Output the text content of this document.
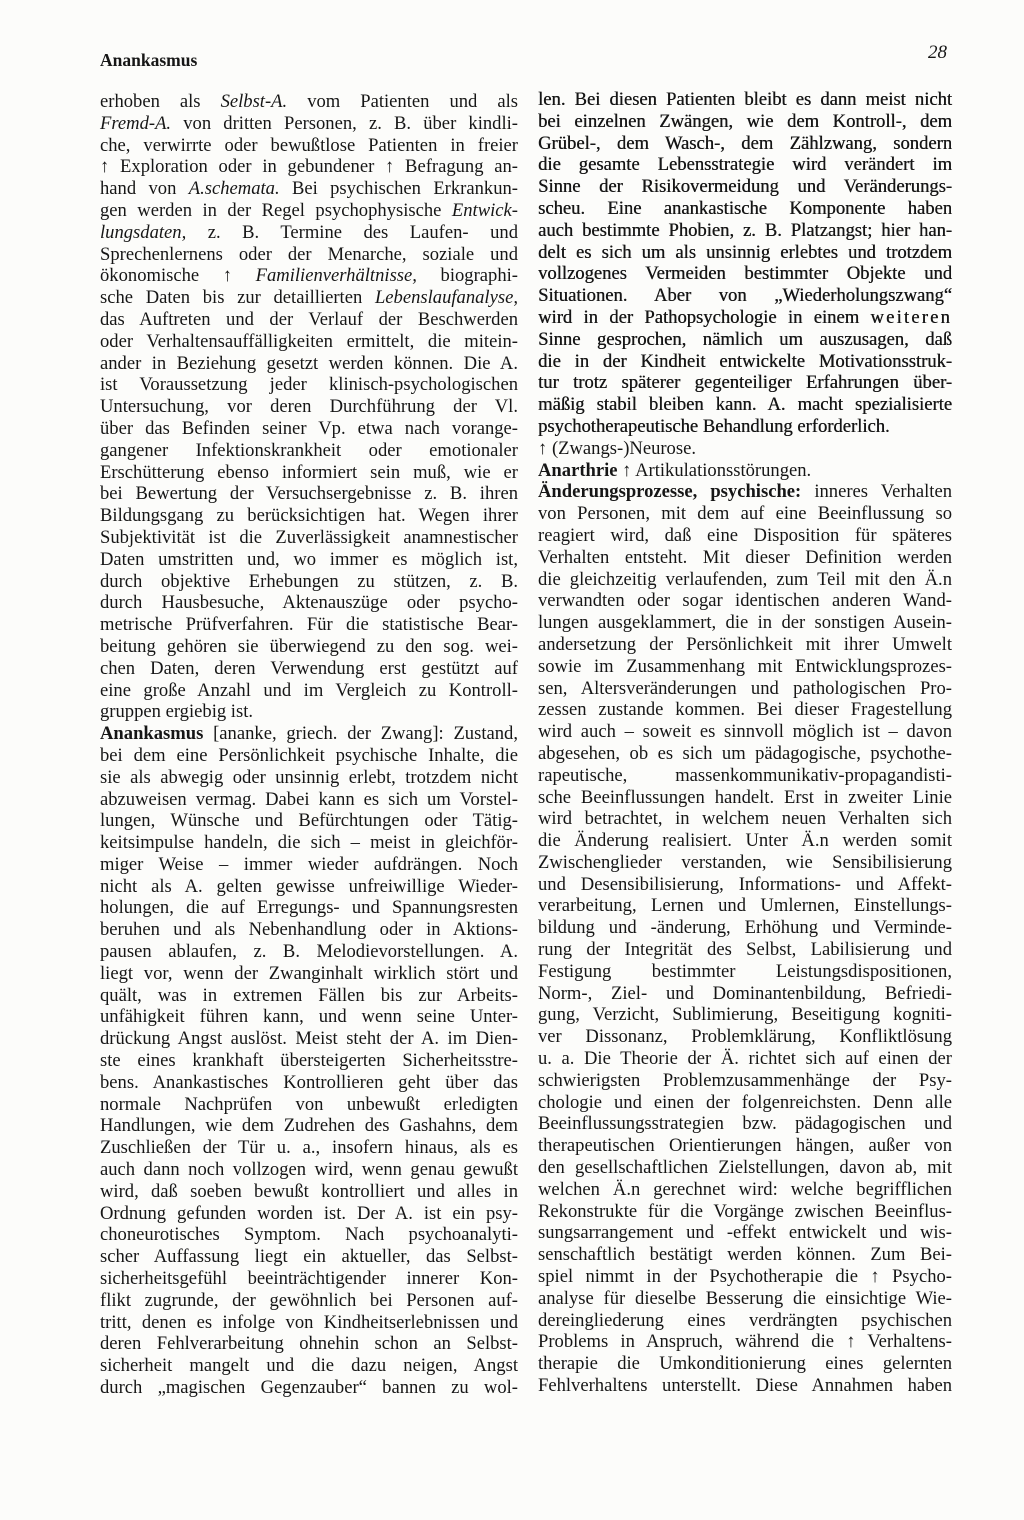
Anankasmus	28
erhoben als Selbst-A. vom Patienten und als
Fremd-A. von dritten Personen, z. B. über kindli-
che, verwirrte oder bewußtlose Patienten in freier
↑ Exploration oder in gebundener ↑ Befragung an-
hand von A.schemata. Bei psychischen Erkrankun-
gen werden in der Regel psychophysische Entwick-
lungsdaten, z. B. Termine des Laufen- und
Sprechenlernens oder der Menarche, soziale und
ökonomische ↑ Familienverhältnisse, biographi-
sche Daten bis zur detaillierten Lebenslaufanalyse,
das Auftreten und der Verlauf der Beschwerden
oder Verhaltensauffälligkeiten ermittelt, die mitein-
ander in Beziehung gesetzt werden können. Die A.
ist Voraussetzung jeder klinisch-psychologischen
Untersuchung, vor deren Durchführung der Vl.
über das Befinden seiner Vp. etwa nach vorange-
gangener Infektionskrankheit oder emotionaler
Erschütterung ebenso informiert sein muß, wie er
bei Bewertung der Versuchsergebnisse z. B. ihren
Bildungsgang zu berücksichtigen hat. Wegen ihrer
Subjektivität ist die Zuverlässigkeit anamnestischer
Daten umstritten und, wo immer es möglich ist,
durch objektive Erhebungen zu stützen, z. B.
durch Hausbesuche, Aktenauszüge oder psycho-
metrische Prüfverfahren. Für die statistische Bear-
beitung gehören sie überwiegend zu den sog. wei-
chen Daten, deren Verwendung erst gestützt auf
eine große Anzahl und im Vergleich zu Kontroll-
gruppen ergiebig ist.
Anankasmus [ananke, griech. der Zwang]: Zustand,
bei dem eine Persönlichkeit psychische Inhalte, die
sie als abwegig oder unsinnig erlebt, trotzdem nicht
abzuweisen vermag. Dabei kann es sich um Vorstel-
lungen, Wünsche und Befürchtungen oder Tätig-
keitsimpulse handeln, die sich – meist in gleichför-
miger Weise – immer wieder aufdrängen. Noch
nicht als A. gelten gewisse unfreiwillige Wieder-
holungen, die auf Erregungs- und Spannungsresten
beruhen und als Nebenhandlung oder in Aktions-
pausen ablaufen, z. B. Melodievorstellungen. A.
liegt vor, wenn der Zwanginhalt wirklich stört und
quält, was in extremen Fällen bis zur Arbeits-
unfähigkeit führen kann, und wenn seine Unter-
drückung Angst auslöst. Meist steht der A. im Dien-
ste eines krankhaft übersteigerten Sicherheitsstre-
bens. Anankastisches Kontrollieren geht über das
normale Nachprüfen von unbewußt erledigten
Handlungen, wie dem Zudrehen des Gashahns, dem
Zuschließen der Tür u. a., insofern hinaus, als es
auch dann noch vollzogen wird, wenn genau gewußt
wird, daß soeben bewußt kontrolliert und alles in
Ordnung gefunden worden ist. Der A. ist ein psy-
choneurotisches Symptom. Nach psychoanalyti-
scher Auffassung liegt ein aktueller, das Selbst-
sicherheitsgefühl beeinträchtigender innerer Kon-
flikt zugrunde, der gewöhnlich bei Personen auf-
tritt, denen es infolge von Kindheitserlebnissen und
deren Fehlverarbeitung ohnehin schon an Selbst-
sicherheit mangelt und die dazu neigen, Angst
durch „magischen Gegenzauber“ bannen zu wol-
len. Bei diesen Patienten bleibt es dann meist nicht
bei einzelnen Zwängen, wie dem Kontroll-, dem
Grübel-, dem Wasch-, dem Zählzwang, sondern
die gesamte Lebensstrategie wird verändert im
Sinne der Risikovermeidung und Veränderungs-
scheu. Eine anankastische Komponente haben
auch bestimmte Phobien, z. B. Platzangst; hier han-
delt es sich um als unsinnig erlebtes und trotzdem
vollzogenes Vermeiden bestimmter Objekte und
Situationen. Aber von „Wiederholungszwang“
wird in der Pathopsychologie in einem weiteren
Sinne gesprochen, nämlich um auszusagen, daß
die in der Kindheit entwickelte Motivationsstruk-
tur trotz späterer gegenteiliger Erfahrungen über-
mäßig stabil bleiben kann. A. macht spezialisierte
psychotherapeutische Behandlung erforderlich.
↑ (Zwangs-)Neurose.
Anarthrie ↑ Artikulationsstörungen.
Änderungsprozesse, psychische: inneres Verhalten
von Personen, mit dem auf eine Beeinflussung so
reagiert wird, daß eine Disposition für späteres
Verhalten entsteht. Mit dieser Definition werden
die gleichzeitig verlaufenden, zum Teil mit den Ä.n
verwandten oder sogar identischen anderen Wand-
lungen ausgeklammert, die in der sonstigen Ausein-
andersetzung der Persönlichkeit mit ihrer Umwelt
sowie im Zusammenhang mit Entwicklungsprozes-
sen, Altersveränderungen und pathologischen Pro-
zessen zustande kommen. Bei dieser Fragestellung
wird auch – soweit es sinnvoll möglich ist – davon
abgesehen, ob es sich um pädagogische, psychothe-
rapeutische, massenkommunikativ-propagandisti-
sche Beeinflussungen handelt. Erst in zweiter Linie
wird betrachtet, in welchem neuen Verhalten sich
die Änderung realisiert. Unter Ä.n werden somit
Zwischenglieder verstanden, wie Sensibilisierung
und Desensibilisierung, Informations- und Affekt-
verarbeitung, Lernen und Umlernen, Einstellungs-
bildung und -änderung, Erhöhung und Verminde-
rung der Integrität des Selbst, Labilisierung und
Festigung bestimmter Leistungsdispositionen,
Norm-, Ziel- und Dominantenbildung, Befriedi-
gung, Verzicht, Sublimierung, Beseitigung kogniti-
ver Dissonanz, Problemklärung, Konfliktlösung
u. a. Die Theorie der Ä. richtet sich auf einen der
schwierigsten Problemzusammenhänge der Psy-
chologie und einen der folgenreichsten. Denn alle
Beeinflussungsstrategien bzw. pädagogischen und
therapeutischen Orientierungen hängen, außer von
den gesellschaftlichen Zielstellungen, davon ab, mit
welchen Ä.n gerechnet wird: welche begrifflichen
Rekonstrukte für die Vorgänge zwischen Beeinflus-
sungsarrangement und -effekt entwickelt und wis-
senschaftlich bestätigt werden können. Zum Bei-
spiel nimmt in der Psychotherapie die ↑ Psycho-
analyse für dieselbe Besserung die einsichtige Wie-
dereingliederung eines verdrängten psychischen
Problems in Anspruch, während die ↑ Verhaltens-
therapie die Umkonditionierung eines gelernten
Fehlverhaltens unterstellt. Diese Annahmen haben
